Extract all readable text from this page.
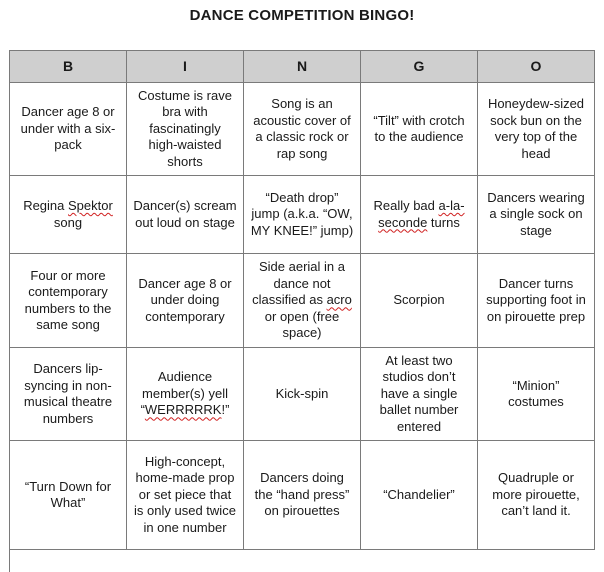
DANCE COMPETITION BINGO!
B	I	N	G	O
Dancer age 8 or under with a six-pack	Costume is rave bra with fascinatingly high-waisted shorts	Song is an acoustic cover of a classic rock or rap song	“Tilt” with crotch to the audience	Honeydew-sized sock bun on the very top of the head
Regina Spektor song	Dancer(s) scream out loud on stage	“Death drop” jump (a.k.a. “OW, MY KNEE!” jump)	Really bad a-la-seconde turns	Dancers wearing a single sock on stage
Four or more contemporary numbers to the same song	Dancer age 8 or under doing contemporary	Side aerial in a dance not classified as acro or open (free space)	Scorpion	Dancer turns supporting foot in on pirouette prep
Dancers lip-syncing in non-musical theatre numbers	Audience member(s) yell “WERRRRRK!”	Kick-spin	At least two studios don’t have a single ballet number entered	“Minion” costumes
“Turn Down for What”	High-concept, home-made prop or set piece that is only used twice in one number	Dancers doing the “hand press” on pirouettes	“Chandelier”	Quadruple or more pirouette, can’t land it.
